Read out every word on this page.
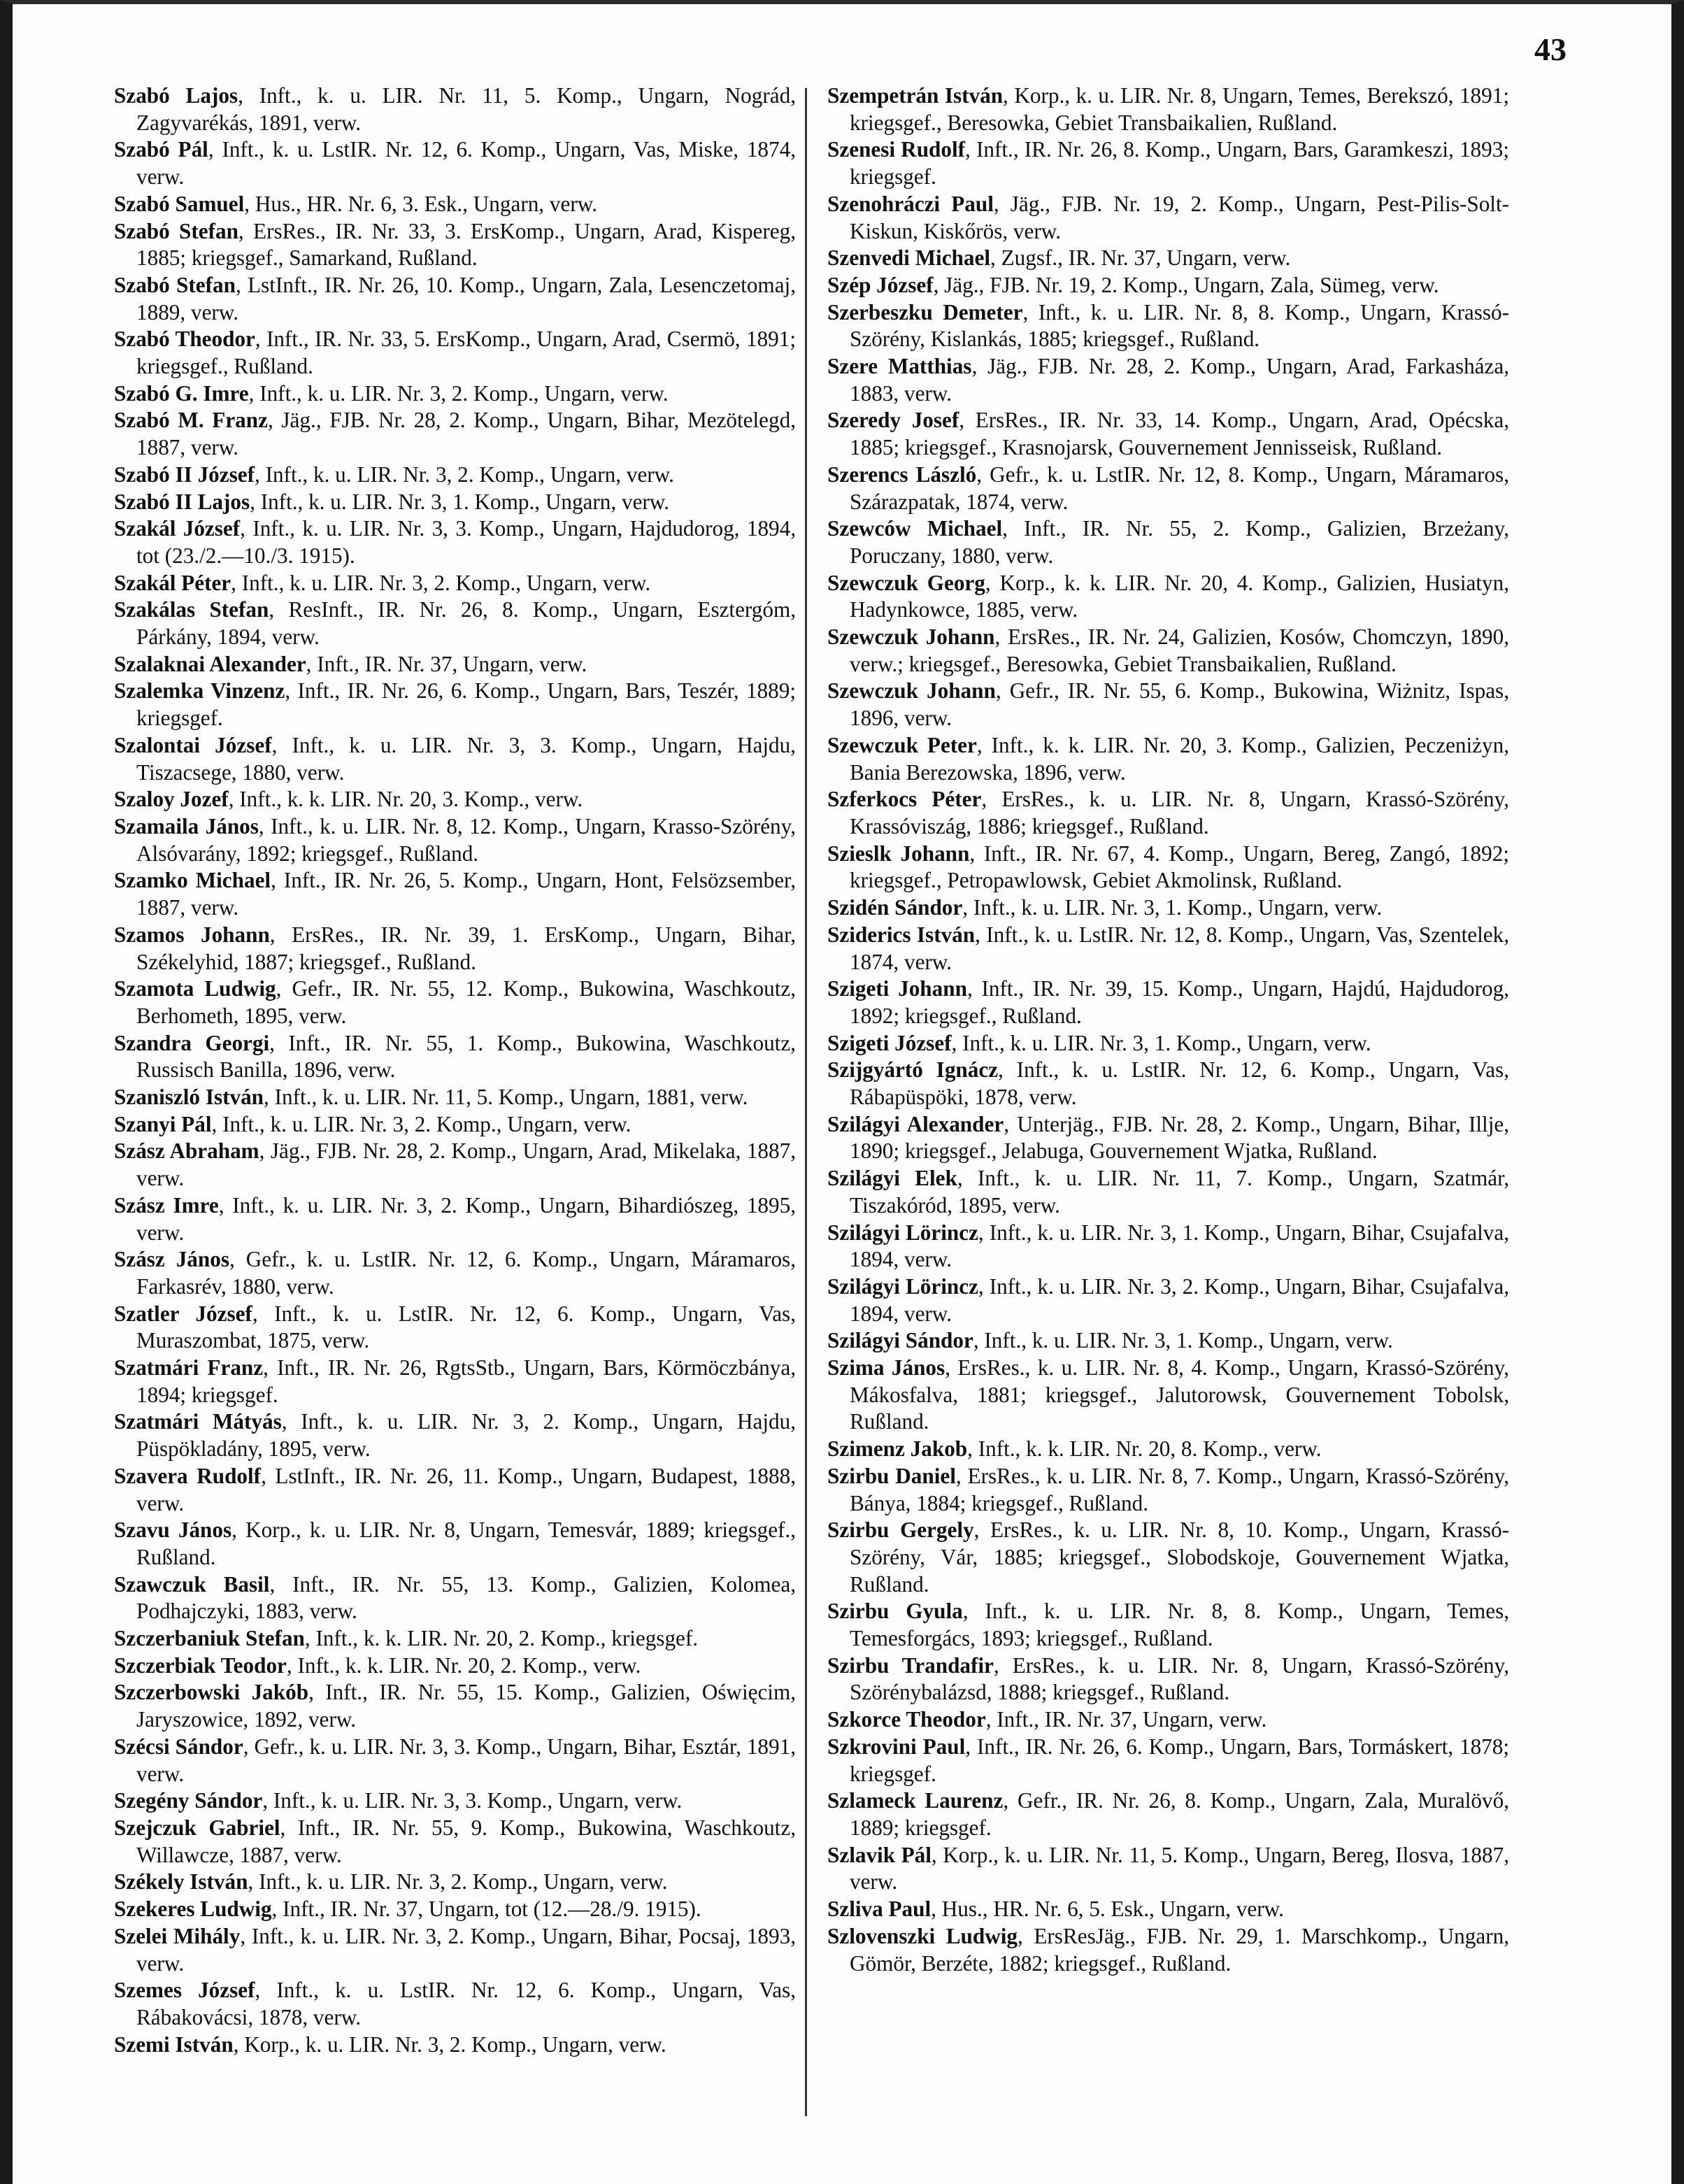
43
Szabó Lajos, Inft., k. u. LIR. Nr. 11, 5. Komp., Ungarn, Nográd, Zagyvarékás, 1891, verw.
Szabó Pál, Inft., k. u. LstIR. Nr. 12, 6. Komp., Ungarn, Vas, Miske, 1874, verw.
Szabó Samuel, Hus., HR. Nr. 6, 3. Esk., Ungarn, verw.
Szabó Stefan, ErsRes., IR. Nr. 33, 3. ErsKomp., Ungarn, Arad, Kispereg, 1885; kriegsgef., Samarkand, Rußland.
Szabó Stefan, LstInft., IR. Nr. 26, 10. Komp., Ungarn, Zala, Lesenczetomaj, 1889, verw.
Szabó Theodor, Inft., IR. Nr. 33, 5. ErsKomp., Ungarn, Arad, Csermö, 1891; kriegsgef., Rußland.
Szabó G. Imre, Inft., k. u. LIR. Nr. 3, 2. Komp., Ungarn, verw.
Szabó M. Franz, Jäg., FJB. Nr. 28, 2. Komp., Ungarn, Bihar, Mezötelegd, 1887, verw.
Szabó II József, Inft., k. u. LIR. Nr. 3, 2. Komp., Ungarn, verw.
Szabó II Lajos, Inft., k. u. LIR. Nr. 3, 1. Komp., Ungarn, verw.
Szakál József, Inft., k. u. LIR. Nr. 3, 3. Komp., Ungarn, Hajdudorog, 1894, tot (23./2.—10./3. 1915).
Szakál Péter, Inft., k. u. LIR. Nr. 3, 2. Komp., Ungarn, verw.
Szakálas Stefan, ResInft., IR. Nr. 26, 8. Komp., Ungarn, Esztergóm, Párkány, 1894, verw.
Szalaknai Alexander, Inft., IR. Nr. 37, Ungarn, verw.
Szalemka Vinzenz, Inft., IR. Nr. 26, 6. Komp., Ungarn, Bars, Teszér, 1889; kriegsgef.
Szalontai József, Inft., k. u. LIR. Nr. 3, 3. Komp., Ungarn, Hajdu, Tiszacsege, 1880, verw.
Szaloy Jozef, Inft., k. k. LIR. Nr. 20, 3. Komp., verw.
Szamaila János, Inft., k. u. LIR. Nr. 8, 12. Komp., Ungarn, Krasso-Szörény, Alsóvarány, 1892; kriegsgef., Rußland.
Szamko Michael, Inft., IR. Nr. 26, 5. Komp., Ungarn, Hont, Felsözsember, 1887, verw.
Szamos Johann, ErsRes., IR. Nr. 39, 1. ErsKomp., Ungarn, Bihar, Székelyhid, 1887; kriegsgef., Rußland.
Szamota Ludwig, Gefr., IR. Nr. 55, 12. Komp., Bukowina, Waschkoutz, Berhometh, 1895, verw.
Szandra Georgi, Inft., IR. Nr. 55, 1. Komp., Bukowina, Waschkoutz, Russisch Banilla, 1896, verw.
Szaniszló István, Inft., k. u. LIR. Nr. 11, 5. Komp., Ungarn, 1881, verw.
Szanyi Pál, Inft., k. u. LIR. Nr. 3, 2. Komp., Ungarn, verw.
Szász Abraham, Jäg., FJB. Nr. 28, 2. Komp., Ungarn, Arad, Mikelaka, 1887, verw.
Szász Imre, Inft., k. u. LIR. Nr. 3, 2. Komp., Ungarn, Bihardiószeg, 1895, verw.
Szász János, Gefr., k. u. LstIR. Nr. 12, 6. Komp., Ungarn, Máramaros, Farkasrév, 1880, verw.
Szatler József, Inft., k. u. LstIR. Nr. 12, 6. Komp., Ungarn, Vas, Muraszombat, 1875, verw.
Szatmári Franz, Inft., IR. Nr. 26, RgtsStb., Ungarn, Bars, Körmöczbánya, 1894; kriegsgef.
Szatmári Mátyás, Inft., k. u. LIR. Nr. 3, 2. Komp., Ungarn, Hajdu, Püspökladány, 1895, verw.
Szavera Rudolf, LstInft., IR. Nr. 26, 11. Komp., Ungarn, Budapest, 1888, verw.
Szavu János, Korp., k. u. LIR. Nr. 8, Ungarn, Temesvár, 1889; kriegsgef., Rußland.
Szawczuk Basil, Inft., IR. Nr. 55, 13. Komp., Galizien, Kolomea, Podhajczyki, 1883, verw.
Szczerbaniuk Stefan, Inft., k. k. LIR. Nr. 20, 2. Komp., kriegsgef.
Szczerbiak Teodor, Inft., k. k. LIR. Nr. 20, 2. Komp., verw.
Szczerbowski Jakób, Inft., IR. Nr. 55, 15. Komp., Galizien, Oświęcim, Jaryszowice, 1892, verw.
Szécsi Sándor, Gefr., k. u. LIR. Nr. 3, 3. Komp., Ungarn, Bihar, Esztár, 1891, verw.
Szegény Sándor, Inft., k. u. LIR. Nr. 3, 3. Komp., Ungarn, verw.
Szejczuk Gabriel, Inft., IR. Nr. 55, 9. Komp., Bukowina, Waschkoutz, Willawcze, 1887, verw.
Székely István, Inft., k. u. LIR. Nr. 3, 2. Komp., Ungarn, verw.
Szekeres Ludwig, Inft., IR. Nr. 37, Ungarn, tot (12.—28./9. 1915).
Szelei Mihály, Inft., k. u. LIR. Nr. 3, 2. Komp., Ungarn, Bihar, Pocsaj, 1893, verw.
Szemes József, Inft., k. u. LstIR. Nr. 12, 6. Komp., Ungarn, Vas, Rábakovácsi, 1878, verw.
Szemi István, Korp., k. u. LIR. Nr. 3, 2. Komp., Ungarn, verw.
Szempetrán István, Korp., k. u. LIR. Nr. 8, Ungarn, Temes, Berekszó, 1891; kriegsgef., Beresowka, Gebiet Transbaikalien, Rußland.
Szenesi Rudolf, Inft., IR. Nr. 26, 8. Komp., Ungarn, Bars, Garamkeszi, 1893; kriegsgef.
Szenohráczi Paul, Jäg., FJB. Nr. 19, 2. Komp., Ungarn, Pest-Pilis-Solt-Kiskun, Kiskőrös, verw.
Szenvedi Michael, Zugsf., IR. Nr. 37, Ungarn, verw.
Szép József, Jäg., FJB. Nr. 19, 2. Komp., Ungarn, Zala, Sümeg, verw.
Szerbeszku Demeter, Inft., k. u. LIR. Nr. 8, 8. Komp., Ungarn, Krassó-Szörény, Kislankás, 1885; kriegsgef., Rußland.
Szere Matthias, Jäg., FJB. Nr. 28, 2. Komp., Ungarn, Arad, Farkasháza, 1883, verw.
Szeredy Josef, ErsRes., IR. Nr. 33, 14. Komp., Ungarn, Arad, Opécska, 1885; kriegsgef., Krasnojarsk, Gouvernement Jennisseisk, Rußland.
Szerencs László, Gefr., k. u. LstIR. Nr. 12, 8. Komp., Ungarn, Máramaros, Szárazpatak, 1874, verw.
Szewców Michael, Inft., IR. Nr. 55, 2. Komp., Galizien, Brzeżany, Poruczany, 1880, verw.
Szewczuk Georg, Korp., k. k. LIR. Nr. 20, 4. Komp., Galizien, Husiatyn, Hadynkowce, 1885, verw.
Szewczuk Johann, ErsRes., IR. Nr. 24, Galizien, Kosów, Chomczyn, 1890, verw.; kriegsgef., Beresowka, Gebiet Transbaikalien, Rußland.
Szewczuk Johann, Gefr., IR. Nr. 55, 6. Komp., Bukowina, Wiżnitz, Ispas, 1896, verw.
Szewczuk Peter, Inft., k. k. LIR. Nr. 20, 3. Komp., Galizien, Peczeniżyn, Bania Berezowska, 1896, verw.
Szferkocs Péter, ErsRes., k. u. LIR. Nr. 8, Ungarn, Krassó-Szörény, Krassóviszág, 1886; kriegsgef., Rußland.
Szieslk Johann, Inft., IR. Nr. 67, 4. Komp., Ungarn, Bereg, Zangó, 1892; kriegsgef., Petropawlowsk, Gebiet Akmolinsk, Rußland.
Szidén Sándor, Inft., k. u. LIR. Nr. 3, 1. Komp., Ungarn, verw.
Sziderics István, Inft., k. u. LstIR. Nr. 12, 8. Komp., Ungarn, Vas, Szentelek, 1874, verw.
Szigeti Johann, Inft., IR. Nr. 39, 15. Komp., Ungarn, Hajdú, Hajdudorog, 1892; kriegsgef., Rußland.
Szigeti József, Inft., k. u. LIR. Nr. 3, 1. Komp., Ungarn, verw.
Szijgyártó Ignácz, Inft., k. u. LstIR. Nr. 12, 6. Komp., Ungarn, Vas, Rábapüspöki, 1878, verw.
Szilágyi Alexander, Unterjäg., FJB. Nr. 28, 2. Komp., Ungarn, Bihar, Illje, 1890; kriegsgef., Jelabuga, Gouvernement Wjatka, Rußland.
Szilágyi Elek, Inft., k. u. LIR. Nr. 11, 7. Komp., Ungarn, Szatmár, Tiszakóród, 1895, verw.
Szilágyi Lörincz, Inft., k. u. LIR. Nr. 3, 1. Komp., Ungarn, Bihar, Csujafalva, 1894, verw.
Szilágyi Lörincz, Inft., k. u. LIR. Nr. 3, 2. Komp., Ungarn, Bihar, Csujafalva, 1894, verw.
Szilágyi Sándor, Inft., k. u. LIR. Nr. 3, 1. Komp., Ungarn, verw.
Szima János, ErsRes., k. u. LIR. Nr. 8, 4. Komp., Ungarn, Krassó-Szörény, Mákosfalva, 1881; kriegsgef., Jalutorowsk, Gouvernement Tobolsk, Rußland.
Szimenz Jakob, Inft., k. k. LIR. Nr. 20, 8. Komp., verw.
Szirbu Daniel, ErsRes., k. u. LIR. Nr. 8, 7. Komp., Ungarn, Krassó-Szörény, Bánya, 1884; kriegsgef., Rußland.
Szirbu Gergely, ErsRes., k. u. LIR. Nr. 8, 10. Komp., Ungarn, Krassó-Szörény, Vár, 1885; kriegsgef., Slobodskoje, Gouvernement Wjatka, Rußland.
Szirbu Gyula, Inft., k. u. LIR. Nr. 8, 8. Komp., Ungarn, Temes, Temesforgács, 1893; kriegsgef., Rußland.
Szirbu Trandafir, ErsRes., k. u. LIR. Nr. 8, Ungarn, Krassó-Szörény, Szörénybalázsd, 1888; kriegsgef., Rußland.
Szkorce Theodor, Inft., IR. Nr. 37, Ungarn, verw.
Szkrovini Paul, Inft., IR. Nr. 26, 6. Komp., Ungarn, Bars, Tormáskert, 1878; kriegsgef.
Szlameck Laurenz, Gefr., IR. Nr. 26, 8. Komp., Ungarn, Zala, Muralövő, 1889; kriegsgef.
Szlavik Pál, Korp., k. u. LIR. Nr. 11, 5. Komp., Ungarn, Bereg, Ilosva, 1887, verw.
Szliva Paul, Hus., HR. Nr. 6, 5. Esk., Ungarn, verw.
Szlovenszki Ludwig, ErsResJäg., FJB. Nr. 29, 1. Marschkomp., Ungarn, Gömör, Berzéte, 1882; kriegsgef., Rußland.
